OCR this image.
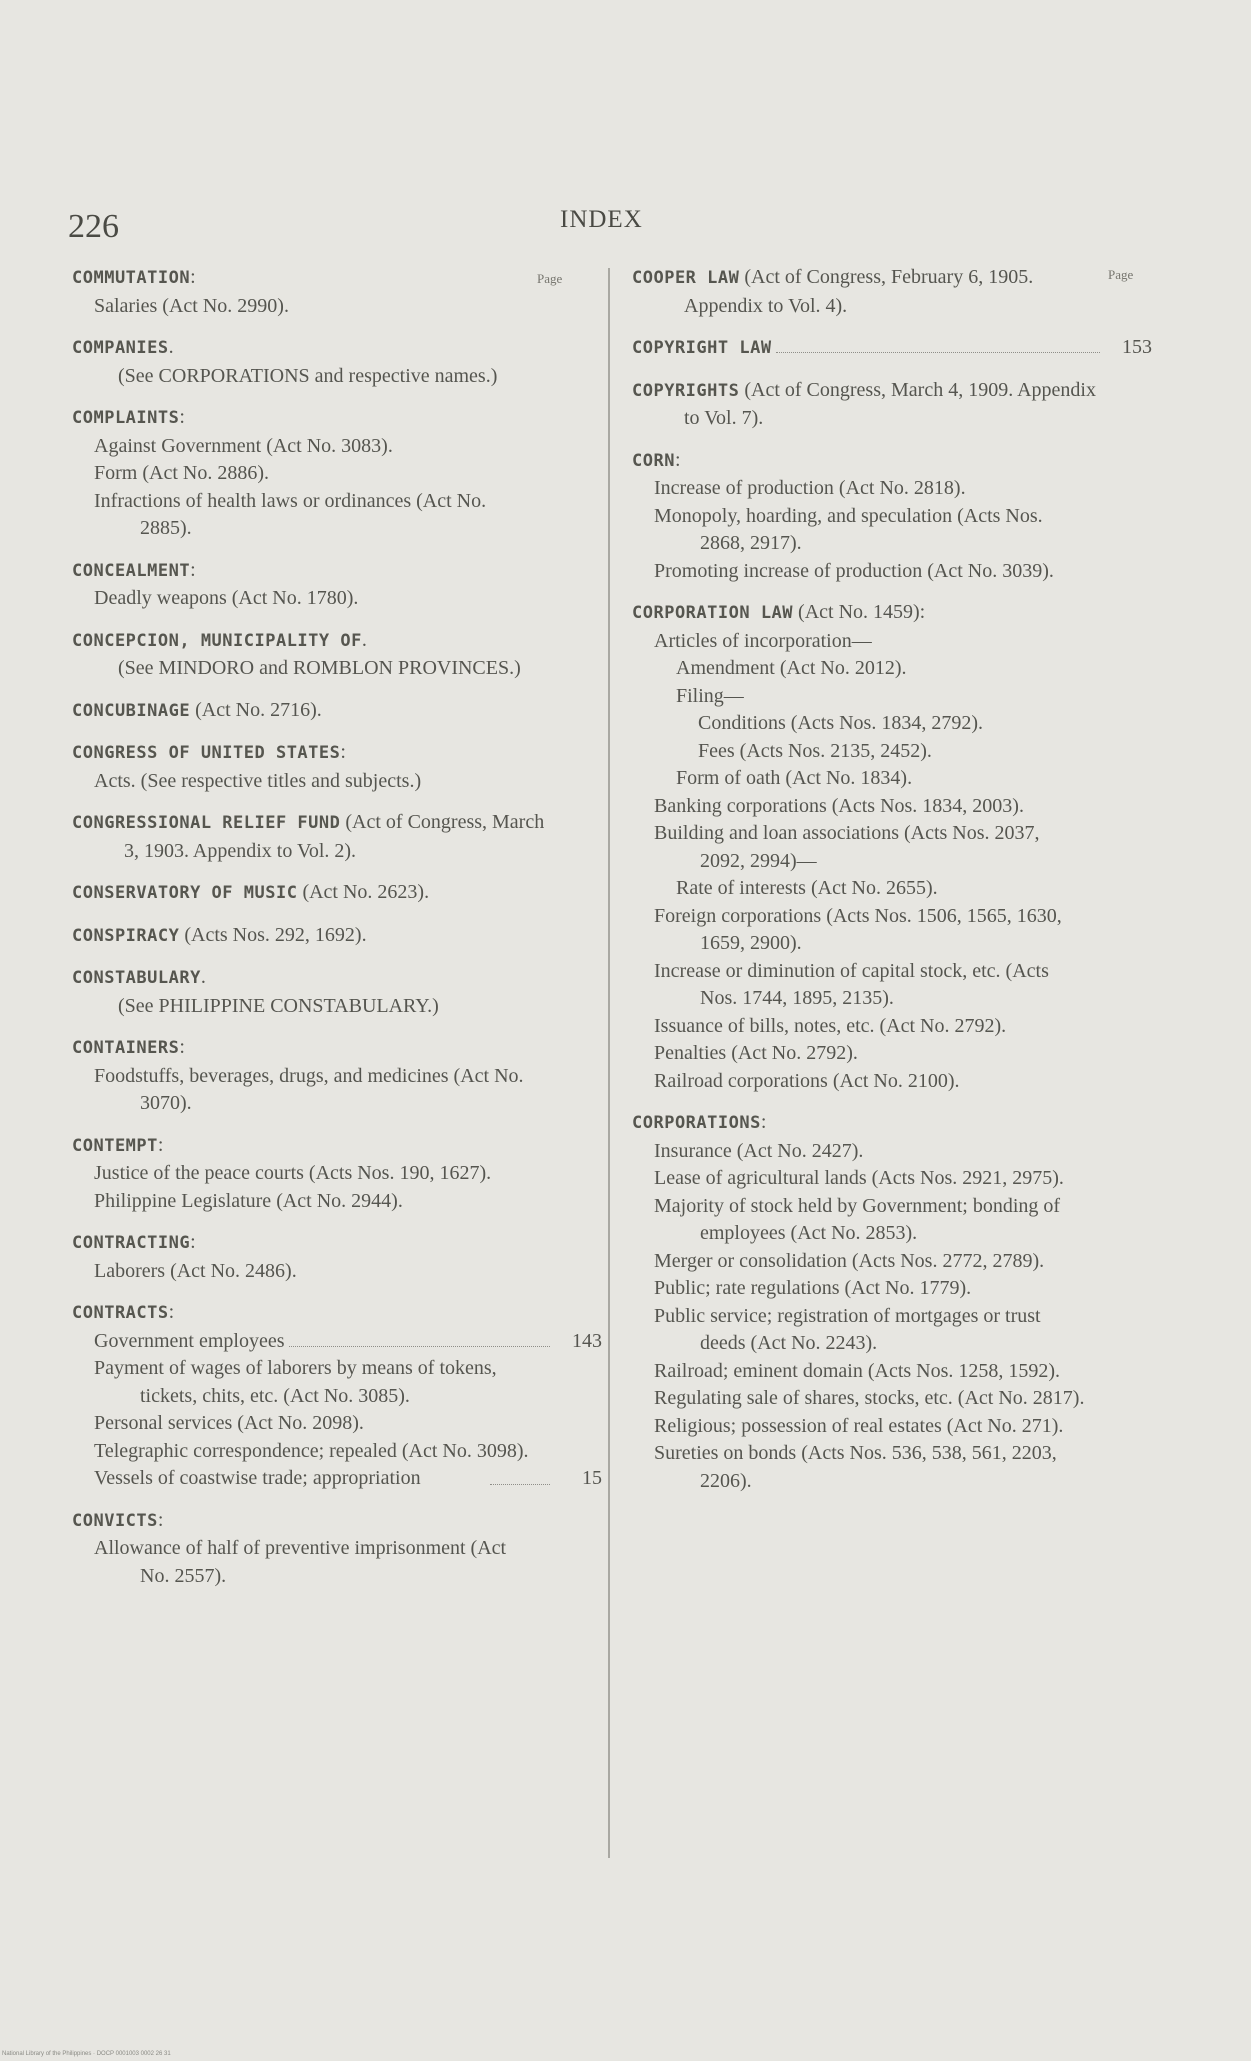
226	INDEX
Page	Page
COMMUTATION:
Salaries (Act No. 2990).
COMPANIES.
(See CORPORATIONS and respective names.)
COMPLAINTS:
Against Government (Act No. 3083).
Form (Act No. 2886).
Infractions of health laws or ordinances (Act No. 2885).
CONCEALMENT:
Deadly weapons (Act No. 1780).
CONCEPCION, MUNICIPALITY OF.
(See MINDORO and ROMBLON PROVINCES.)
CONCUBINAGE (Act No. 2716).
CONGRESS OF UNITED STATES:
Acts. (See respective titles and subjects.)
CONGRESSIONAL RELIEF FUND (Act of Congress, March 3, 1903. Appendix to Vol. 2).
CONSERVATORY OF MUSIC (Act No. 2623).
CONSPIRACY (Acts Nos. 292, 1692).
CONSTABULARY.
(See PHILIPPINE CONSTABULARY.)
CONTAINERS:
Foodstuffs, beverages, drugs, and medicines (Act No. 3070).
CONTEMPT:
Justice of the peace courts (Acts Nos. 190, 1627).
Philippine Legislature (Act No. 2944).
CONTRACTING:
Laborers (Act No. 2486).
CONTRACTS:
Government employees	143
Payment of wages of laborers by means of tokens, tickets, chits, etc. (Act No. 3085).
Personal services (Act No. 2098).
Telegraphic correspondence; repealed (Act No. 3098).
Vessels of coastwise trade; appropriation	15
CONVICTS:
Allowance of half of preventive imprisonment (Act No. 2557).
COOPER LAW (Act of Congress, February 6, 1905. Appendix to Vol. 4).
COPYRIGHT LAW	153
COPYRIGHTS (Act of Congress, March 4, 1909. Appendix to Vol. 7).
CORN:
Increase of production (Act No. 2818).
Monopoly, hoarding, and speculation (Acts Nos. 2868, 2917).
Promoting increase of production (Act No. 3039).
CORPORATION LAW (Act No. 1459):
Articles of incorporation—
Amendment (Act No. 2012).
Filing—
Conditions (Acts Nos. 1834, 2792).
Fees (Acts Nos. 2135, 2452).
Form of oath (Act No. 1834).
Banking corporations (Acts Nos. 1834, 2003).
Building and loan associations (Acts Nos. 2037, 2092, 2994)—
Rate of interests (Act No. 2655).
Foreign corporations (Acts Nos. 1506, 1565, 1630, 1659, 2900).
Increase or diminution of capital stock, etc. (Acts Nos. 1744, 1895, 2135).
Issuance of bills, notes, etc. (Act No. 2792).
Penalties (Act No. 2792).
Railroad corporations (Act No. 2100).
CORPORATIONS:
Insurance (Act No. 2427).
Lease of agricultural lands (Acts Nos. 2921, 2975).
Majority of stock held by Government; bonding of employees (Act No. 2853).
Merger or consolidation (Acts Nos. 2772, 2789).
Public; rate regulations (Act No. 1779).
Public service; registration of mortgages or trust deeds (Act No. 2243).
Railroad; eminent domain (Acts Nos. 1258, 1592).
Regulating sale of shares, stocks, etc. (Act No. 2817).
Religious; possession of real estates (Act No. 271).
Sureties on bonds (Acts Nos. 536, 538, 561, 2203, 2206).
National Library of the Philippines · DOCP 0001003 0002 26 31
